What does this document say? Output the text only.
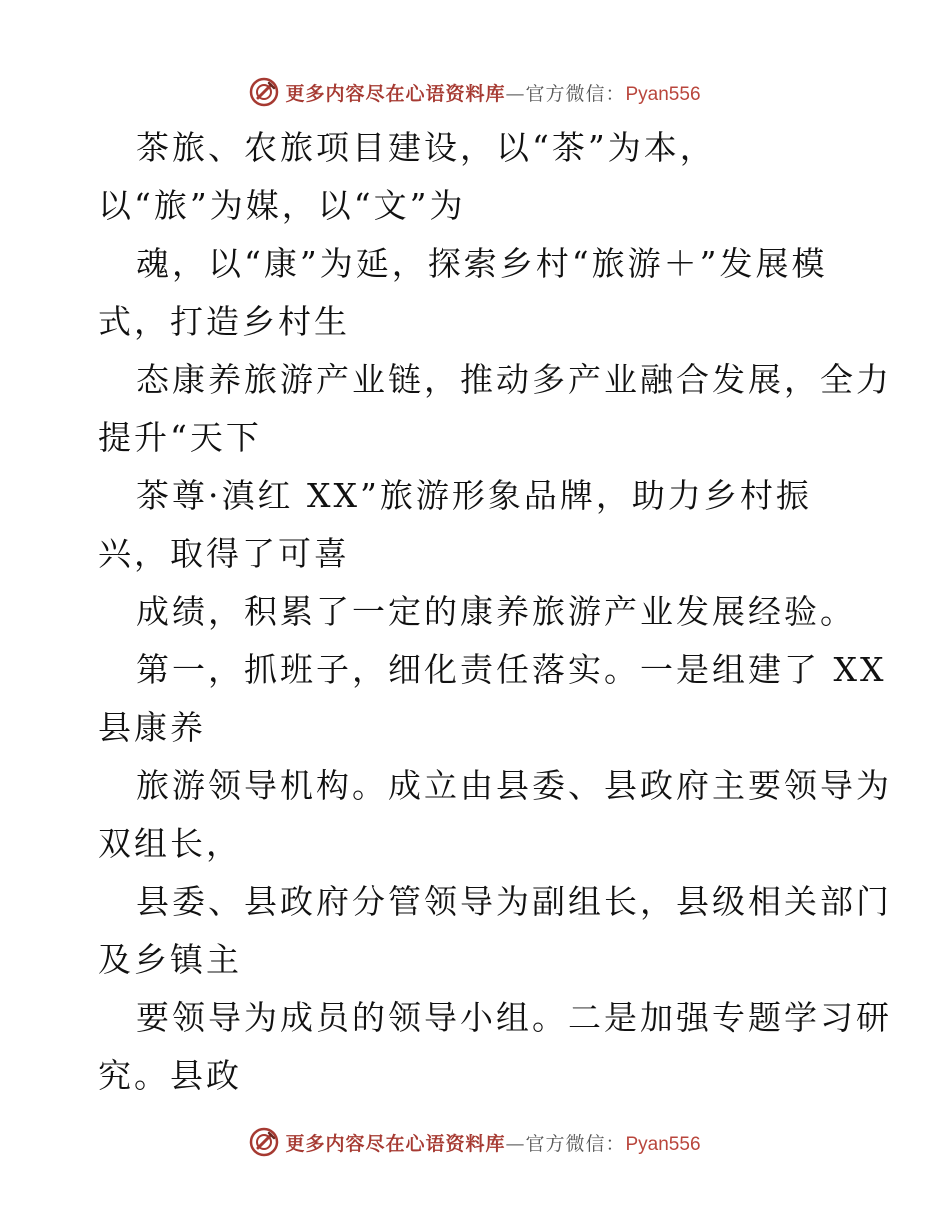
更多内容尽在心语资料库—官方微信：Pyan556
茶旅、农旅项目建设，以“茶”为本，
以“旅”为媒，以“文”为
魂，以“康”为延，探索乡村“旅游＋”发展模
式，打造乡村生
态康养旅游产业链，推动多产业融合发展，全力
提升“天下
茶尊·滇红 XX”旅游形象品牌，助力乡村振
兴，取得了可喜
成绩，积累了一定的康养旅游产业发展经验。
第一，抓班子，细化责任落实。一是组建了 XX
县康养
旅游领导机构。成立由县委、县政府主要领导为
双组长，
县委、县政府分管领导为副组长，县级相关部门
及乡镇主
要领导为成员的领导小组。二是加强专题学习研
究。县政
更多内容尽在心语资料库—官方微信：Pyan556
